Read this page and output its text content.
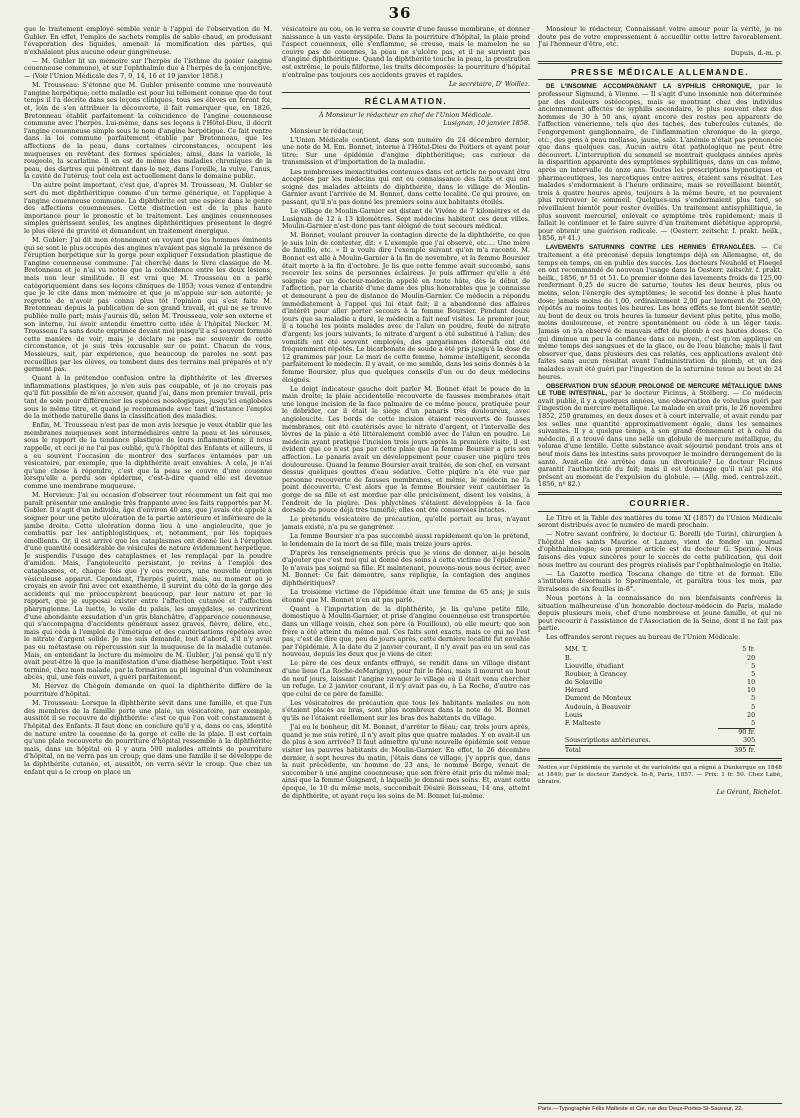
36

que le traitement employé semble venir à l'appui de l'observation de M. Gubler. En effet, l'emploi de sachets remplis de sable chaud, en produisant l'évaporation des liquides, amenait la momification des parties, qui n'exhalaient plus aucune odeur gangréneuse.

— M. Gubler lit un mémoire sur l'herpès de l'isthme du gosier (angine couenneuse commune), et sur l'ophthalmie due à l'herpès de la conjonctive. — (Voir l'Union Médicale des 7, 9, 14, 16 et 19 janvier 1858.)

M. Trousseau: S'étonne que M. Gubler présente comme une nouveauté l'angine herpétique; cette maladie est pour lui tellement connue que de tout temps il l'a décrite dans ses leçons cliniques, tous ses élèves en feront foi, et, loin de s'en attribuer la découverte, il fait remarquer que, en 1826, Bretonneau établit parfaitement la coïncidence de l'angine couenneuse commune avec l'herpès. Lui-même, dans ses leçons à l'Hôtel-Dieu, il décrit l'angine couenneuse simple sous le nom d'angine herpétique. Ce fait rentre dans la loi commune parfaitement établie par Bretonneau, que les affections de la peau, dans certaines circonstances, occupent les muqueuses en revêtant des formes spéciales; ainsi, dans la variole, la rougeole, la scarlatine. Il en est de même des maladies chroniques de la peau, des dartres qui pénètrent dans le nez, dans l'oreille, la vulve, l'anus, la cavité de l'utérus; tout cela est actuellement dans le domaine public.

Un autre point important, c'est que, d'après M. Trousseau, M. Gubler se sert du mot diphthéritique comme d'un terme générique, et l'applique à l'angine couenneuse commune. La diphthérite est une espèce dans le genre des affections couenneuses. Cette distinction est de la plus haute importance pour le pronostic et le traitement. Les angines couenneuses simples guérissent seules, les angines diphthéritiques présentent le degré le plus élevé de gravité et demandent un traitement énergique.

M. Gubler: J'ai dit mon étonnement en voyant que les hommes éminents qui se sont le plus occupés des angines n'avaient pas signalé la présence de l'éruption herpétique sur la gorge pour expliquer l'exsudation plastique de l'angine couenneuse commune. J'ai cherché dans le livre classique de M. Bretonneau et je n'ai vu notée que la coïncidence entre les deux lésions, mais non leur similitude. Il est vrai que M. Trousseau en a parlé catégoriquement dans ses leçons cliniques de 1853; vous venez d'entendre que je le cite dans mon mémoire et que je m'appuie sur son autorité; je regrette de n'avoir pas connu plus tôt l'opinion qui s'est faite M. Bretonneau depuis la publication de son grand travail, et qui ne se trouve publiée nulle part; mais j'aurais dû, selon M. Trousseau, voir son externe et son interne, lui avoir entendu émettre cette idée à l'hôpital Necker. M. Trousseau l'a sans doute exprimée devant moi puisqu'il a si souvent formulé cette manière de voir, mais je déclare ne pas me souvenir de cette circonstance, et je suis très excusable sur ce point. Chacun de vous, Messieurs, sait, par expérience, que beaucoup de paroles ne sont pas recueillies par les élèves, ou tombent dans des terrains mal préparés et n'y germent pas.

Quant à la prétendue confusion entre la diphthérite et les diverses inflammations plastiques, je n'en suis pas coupable, et je ne croyais pas qu'il fût possible de m'en accuser, quand j'ai, dans mon premier travail, pris tant de soin pour différencier les espèces nosologiques, jusqu'ici englobées sous le même titre, et quand je recommande avec tant d'instance l'emploi de la méthode naturelle dans la classification des maladies.

Enfin, M. Trousseau n'est pas de mon avis lorsque je veux établir que les membranes muqueuses sont intermédiaires entre la peau et les séreuses, sous le rapport de la tendance plastique de leurs inflammations; il nous rappelle, et ceci je ne l'ai pas oublié, qu'à l'hôpital des Enfants et ailleurs, il a eu souvent l'occasion de montrer des surfaces entamées par un vésicatoire, par exemple, que la diphthérite avait envahies. À cela, je n'ai qu'une chose à répondre, c'est que la peau se couvre d'une couenne lorsqu'elle a perdu son épiderme, c'est-à-dire quand elle est devenue comme une membrane muqueuse.

M. Hervieux: J'ai eu occasion d'observer tout récemment un fait qui me paraît présenter une analogie très frappante avec les faits rapportés par M. Gubler. Il s'agit d'un individu, âgé d'environ 40 ans, que j'avais été appelé à soigner pour une petite ulcération de la partie antérieure et inférieure de la jambe droite. Cette ulcération donna lieu à une angioleucite, que je combattis par les antiphlogistiques, et, notamment, par les topiques émollients. Or, il est arrivé que les cataplasmes ont donné lieu à l'éruption d'une quantité considérable de vésicules de nature évidemment herpétique. Je suspendis l'usage des cataplasmes et les remplaçai par la poudre d'amidon. Mais, l'angioleucite persistant, je revins à l'emploi des cataplasmes, et, chaque fois que j'y eus recours, une nouvelle éruption vésiculeuse apparut. Cependant, l'herpès guérit, mais, au moment où je croyais en avoir fini avec cet exanthème, il survint du côté de la gorge des accidents qui me préoccupèrent beaucoup, par leur nature et par le rapport, que je supposai exister entre l'affection cutanée et l'affection pharyngienne. La luette, le voile du palais, les amygdales, se couvrirent d'une abondante exsudation d'un gris blanchâtre, d'apparence couenneuse, qui s'accompagna d'accidents généraux assez graves, fièvre, délire, etc., mais qui céda à l'emploi de l'émétique et des cautérisations répétées avec le nitrate d'argent solide. Je me suis demandé, tout d'abord, s'il n'y avait pas eu métastase ou répercussion sur la muqueuse de la maladie cutanée. Mais, en entendant la lecture du mémoire de M. Gubler, j'ai pensé qu'il n'y avait peut-être là que la manifestation d'une diathèse herpétique. Tout s'est terminé, chez mon malade, par la formation au pli inguinal d'un volumineux abcès, qui, une fois ouvert, a guéri parfaitement.

M. Hervez de Chégoin demande en quoi la diphthérite diffère de la pourriture d'hôpital.

M. Trousseau: Lorsque la diphthérite sévit dans une famille, et que l'un des membres de la famille porte une plaie, un vésicatoire, par exemple, aussitôt il se recouvre de diphthérite: c'est ce que l'on voit constamment à l'hôpital des Enfants. Il faut donc en conclure qu'il y a, dans ce cas, identité de nature entre la couenne de la gorge et celle de la plaie. Il est certain qu'une plaie recouverte de pourriture d'hôpital ressemble à la diphthérite; mais, dans un hôpital où il y aura 500 malades atteints de pourriture d'hôpital, on ne verra pas un croup; que dans une famille il se développe de la diphthérite cutanée, et, aussitôt, on verra sévir le croup. Que chez un enfant qui a le croup on place un

vésicatoire au cou, on le verra se couvrir d'une fausse membrane, et donner naissance à un vaste érysipèle. Dans la pourriture d'hôpital, la plaie prend l'aspect couenneux, elle s'enflamme, se creuse, mais le mamelon ne se couvre pas de couennes, la peau ne s'ulcère pas, et il ne survient pas d'angine diphthéritique. Quand la diphthérite touche la peau, la prostration est extrême, le pouls filiforme, les traits décomposés: la pourriture d'hôpital n'entraîne pas toujours ces accidents graves et rapides.

Le secrétaire, D' Woillez.
RÉCLAMATION.
À Monsieur le rédacteur en chef de l'Union Médicale.
Lusignan, 10 janvier 1858.

Monsieur le rédacteur,

L'Union Médicale contient, dans son numéro du 24 décembre dernier, une note de M. Em. Bonnet, interne à l'Hôtel-Dieu de Poitiers et ayant pour titre: Sur une épidémie d'angine diphthéritique; cas curieux de transmission et d'importation de la maladie.

Les nombreuses inexactitudes contenues dans cet article ne pouvant être acceptées par les médecins qui ont eu connaissance des faits et qui ont soigné des malades atteints de diphthérite, dans le village de Moulin-Garnier avant l'arrivée de M. Bonnet, dans cette localité. Ce qui prouve, en passant, qu'il n'a pas donné les premiers soins aux habitants étoilés.

Le village de Moulin-Garnier est distant de Vivône de 7 kilomètres et de Lusignan de 12 à 13 kilomètres. Sept médecins habitent ces deux villes. Moulin-Garnier n'est donc pas tant éloigné de tout secours médical.

M. Bonnet, voulant prouver la contagion directe de la diphthérite, ce que je suis loin de contester, dit: « L'exemple que j'ai observé, etc.... Une mère de famille, etc. » Il a voulu dire l'exemple suivant qu'on m'a raconté. M. Bonnet est allé à Moulin-Garnier à la fin de novembre, et la femme Boursier était morte à la fin d'octobre. Je lis que cette femme avait succombé, sans recevoir les soins de personnes éclairées. Je puis affirmer qu'elle a été soignée par un docteur-médecin appelé en toute hâte, dès le début de l'affection, par la charité d'une dame des plus honorables que je connaisse et demeurant à peu de distance de Moulin-Garnier. Ce médecin a répondu immédiatement à l'appel qui lui était fait; il a abandonné des affaires d'intérêt pour aller porter secours à la femme Boursier. Pendant douze jours que sa maladie a duré, le médecin a fait neuf visites. Le premier jour, il a touché les points malades avec de l'alun en poudre, feuté de nitrate d'argent; les jours suivants, le nitrate d'argent a été substitué à l'alun; des vomitifs ont été souvent employés, des gargarismes détersifs ont été fréquemment répétés. Le bicarbonate de soude a été pris jusqu'à la dose de 12 grammes par jour. Le mari de cette femme, homme intelligent, seconda parfaitement le médecin. Il y avait, ce me semble, dans les soins donnés à la femme Boursier, plus que quelques conseils d'un ou de deux médecins éloignés.

Le doigt indicateur gauche doit parler M. Bonnet était le pouce de la main droite; la plaie accidentelle recouverte de fausses membranes était une longue incision de la face palmaire de ce même pouce, pratiquée pour le débrider, car il était le siège d'un panaris très douloureux, avec angioleucite. Les bords de cette incision étaient recouverts de fausses membranes, ont été cautérisés avec le nitrate d'argent, et l'intervalle des lèvres de la plaie a été littéralement comblé avec de l'alun en poudre. Le médecin ayant pratiqué l'incision trois jours après la première visite, il est évident que ce n'est pas par cette plaie que la femme Boursier a pris son affection. Le panaris avait un développement pour causer une piqûre très douloureuse. Quand la femme Boursier avait traitée, de son chef, en versant dessus quelques gouttes d'eau sédative. Cette piqûre n'a été vue par personne recouverte de fausses membranes, et même, le médecin ne l'a point découverte. C'est alors que la femme Boursier veut cautériser la gorge de sa fille et est mordue par elle précisément, disent les voisins, à l'endroit de la piqûre. Des phlyctènes s'étaient développées à la face dorsale du pouce déjà très tuméfié; elles ont été conservées intactes.

Le prétendu vésicatoire de précaution, qu'elle portait au bras, n'ayant jamais existé, n'a pu se gangréner.

La femme Boursier n'a pas succombé aussi rapidement qu'on le prétend, le lendemain de la mort de sa fille, mais treize jours après.

D'après les renseignements précis que je viens de donner, ai-je besoin d'ajouter que c'est moi qui ai donné des soins à cette victime de l'épidémie? Je n'avais pas soigné sa fille. Et maintenant, pouvons-nous nous écrier, avec M. Bonnet: Ce fait démontre, sans réplique, la contagion des angines diphthéritiques?

La troisième victime de l'épidémie était une femme de 65 ans; je suis étonné que M. Bonnet n'en ait pas parlé.

Quant à l'importation de la diphthérite, je lis qu'une petite fille, domestique à Moulin-Garnier, et prise d'angine couenneuse est transportée dans un village voisin, chez son père (à Fouilloux), où elle meurt; que son frère a été atteint du même mal. Ces faits sont exacts, mais ce qui ne l'est pas, c'est de dire que, peu de jours après, cette dernière localité fut envahie par l'épidémie. À la date du 2 janvier courant, il n'y avait pas eu un seul cas nouveau, depuis les deux que je viens de citer.

Le père de ces deux enfants effrayé, se rendit dans un village distant d'une lieue (La Roche-deMarigny), pour fuir le fléau, mais il mourut au bout de neuf jours, laissant l'angine ravager le village où il était venu chercher un refuge. Le 2 janvier courant, il n'y avait pas eu, à La Roche, d'autre cas que celui de ce père de famille.

Les vésicatoires de précaution que tous les habitants malades ou non s'étaient placés au bras, sont plus nombreux dans la note de M. Bonnet qu'ils ne l'étaient réellement sur les bras des habitants du village.

J'ai eu le bonheur, dit M. Bonnet, d'arrêter le fléau; car, trois jours après, quand je me suis retiré, il n'y avait plus que quatre malades. Y en avait-il un de plus à son arrivée? Il faut admettre qu'une nouvelle épidémie soit venue visiter les pauvres habitants de Moulin-Garnier. En effet, le 26 décembre dernier, à sept heures du matin, j'étais dans ce village, j'y appris que, dans la nuit précédente, un homme de 23 ans, le nommé Berge, venait de succomber à une angine couenneuse; que son frère était pris du même mal; ainsi que la femme Guignard, à laquelle je donnai mes soins. Et, avant cette époque, le 10 du même mois, succombait Désiré Boisseau, 14 ans, atteint de diphthérite, et ayant reçu les soins de M. Bonnet lui-même.

Monsieur le rédacteur, Connaissant votre amour pour la vérité, je ne doute pas de votre empressement à accueillir cette lettre favorablement. J'ai l'honneur d'être, etc.

Dupuis, d.-m. p.
PRESSE MÉDICALE ALLEMANDE.

DE L'INSOMNIE ACCOMPAGNANT LA SYPHILIS CHRONIQUE, par le professeur Sigmund, à Vienne. — Il s'agit d'une insomnie non déterminée par des douleurs ostéocopes, mais se montrant chez des individus anciennement affectés de syphilis secondaire, le plus souvent chez des hommes de 30 à 50 ans, ayant encore des restes peu apparents de l'affection vénérienne, tels que des taches, des tubercules cutanés, de l'engorgement ganglionnaire, de l'inflammation chronique de la gorge, etc., des gens à peau mollasse, jaune, sale. L'anémie n'était pas prononcée que dans quelques cas. Aucun autre état pathologique ne peut être découvert. L'interruption du sommeil se montrait quelques années après la disparition apparente des symptômes syphilitiques, dans un cas même, après un intervalle de onze ans. Toutes les prescriptions hypnotiques et pharmaceutiques, les narcotiques entre autres, étaient sans résultat. Les malades s'endormaient à l'heure ordinaire, mais se réveillaient bientôt, trois à quatre heures après, toujours à la même heure, et ne pouvaient plus retrouver le sommeil. Quelques-uns s'endormaient plus tard, se réveillaient bientôt pour rester éveillés. Un traitement antisyphilitique, le plus souvent mercuriel, enlevait ce symptôme très rapidement; mais il fallait le continuer et le faire suivre d'un traitement diététique approprié, pour obtenir une guérison radicale. — (Oesterr. zeitschr. f. prakt. heilk., 1856, nº 41.)

LAVEMENTS SATURNINS CONTRE LES HERNIES ÉTRANGLÉES. — Ce traitement a été préconisé depuis longtemps déjà en Allemagne, et, de temps en temps, on en publie des succès. Les docteurs Neuhold et Floegel en ont recommandé de nouveau l'usage dans la Oesterr. zeitschr. f. prakt. heilk., 1856, nº 51 et 51. Le premier donne des lavements froids de 125,00 renfermant 0,25 de sucre de saturne, toutes les deux heures, plus ou moins, selon l'énergie des symptômes; le second les donne à plus haute dose; jamais moins de 1,00, ordinairement 2,00 par lavement de 250,00, répétés au moins toutes les heures. Les bons effets se font bientôt sentir; au bout de deux ou trois heures la tumeur devient plus petite, plus molle, moins douloureuse, et rentre spontanément ou cède à un léger taxis. Jamais on n'a observé de mauvais effet du plomb à ces hautes doses. Ce qui diminue un peu la confiance dans ce moyen, c'est qu'on applique en même temps des sangsues et de la glace, ou de l'eau blanche; mais il faut observer que, dans plusieurs des cas relatés, ces applications avaient été faites sans aucun résultat avant l'administration du plomb, et un des malades avait été guéri par l'ingestion de la saturnine tenue au bout de 24 heures.

OBSERVATION D'UN SÉJOUR PROLONGÉ DE MERCURE MÉTALLIQUE DANS LE TUBE INTESTINAL, par le docteur Ficinus, à Stolberg. — Ce médecin avait publié, il y a quelques années, une observation de volvulus guéri par l'ingestion de mercure métallique. Le malade en avait pris, le 26 novembre 1852, 250 grammes, en deux doses et à court intervalle, et avait rendu par les selles une quantité approximativement égale, dans les semaines suivantes. Il y a quelque temps, à son grand étonnement et à celui du médecin, il a trouvé dans une selle un globule de mercure métallique, du volume d'une lentille. Cette substance avait séjourné pendant trois ans et neuf mois dans les intestins sans provoquer le moindre dérangement de la santé. Avait-elle été arrêtée dans un diverticule? Le docteur Ficinus garantit l'authenticité du fait; mais il est dommage qu'il n'ait pas été présent au moment de l'expulsion du globule. — (Allg. med. central-zeit., 1856, nº 82.)

COURRIER.

Le Titre et la Table des matières du tome XI (1857) de l'Union Médicale seront distribués avec le numéro de mardi prochain.

— Notre savant confrère, le docteur G. Borelli (de Turin), chirurgien à l'hôpital des saints Maurice et Lazare, vient de fonder un journal d'ophthalmologie; son premier article est du docteur G. Sperino. Nous faisons des vœux sincères pour le succès de cette publication, qui doit nous mettre au courant des progrès réalisés par l'ophthalmologie en Italie.

— La Gazette medica Toscana change de titre et de format. Elle s'intitulera désormais lo Sperimentale, et paraîtra tous les mois, par livraisons de six feuilles in-8°.

Nous portons à la connaissance de nos bienfaisants confrères la situation malheureuse d'un honorable docteur-médecin de Paris, malade depuis plusieurs mois, chef d'une nombreuse et jeune famille, et qui ne peut recourir à l'assistance de l'Association de la Seine, dont il ne fait pas partie.

Les offrandes seront reçues au bureau de l'Union Médicale.

MM. T.	5 fr.
B.	20
Liouville, étudiant	5
Roubier, à Grancey	5
de Solaville	10
Hérard	10
Dumont de Monteux	5
Audouin, à Beauvoir	5
Louis	20
F. Malteste	5
	90 fr.
Souscriptions antérieures.	305
Total	395 fr.
Notice sur l'épidémie de variole et de varioloïde qui a régné à Dunkerque en 1848 et 1849; par le docteur Zandyck. In-8, Paris, 1857. — Prix: 1 fr. 50. Chez Labé, libraire.
Le Gérant, Richelot.
Paris.—Typographie Félix Malteste et Cie, rue des Deux-Portes-St-Sauveur, 22.
